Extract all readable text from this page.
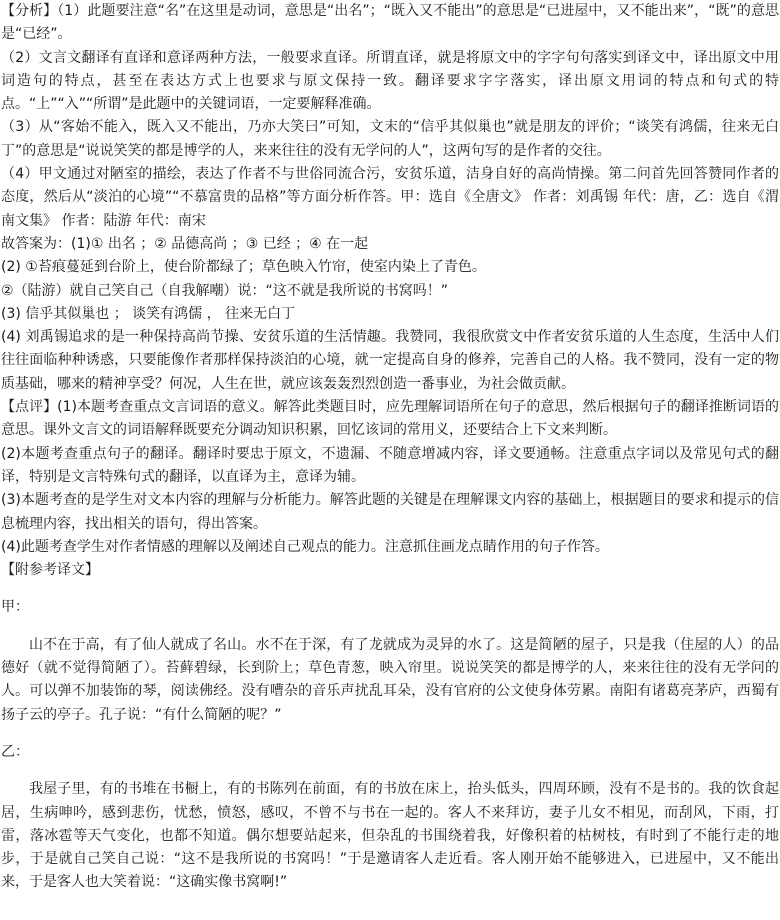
【分析】（1）此题要注意“名”在这里是动词，意思是“出名”；“既入又不能出”的意思是“已进屋中，又不能出来”，“既”的意思是“已经”。

（2）文言文翻译有直译和意译两种方法，一般要求直译。所谓直译，就是将原文中的字字句句落实到译文中，译出原文中用词造句的特点，甚至在表达方式上也要求与原文保持一致。翻译要求字字落实，译出原文用词的特点和句式的特点。“上”“入”“所谓”是此题中的关键词语，一定要解释准确。

（3）从“客始不能入，既入又不能出，乃亦大笑曰”可知，文末的“信乎其似巢也”就是朋友的评价；“谈笑有鸿儒，往来无白丁”的意思是“说说笑笑的都是博学的人，来来往往的没有无学问的人”，这两句写的是作者的交往。

（4）甲文通过对陋室的描绘，表达了作者不与世俗同流合污，安贫乐道，洁身自好的高尚情操。第二问首先回答赞同作者的态度，然后从“淡泊的心境”“不慕富贵的品格”等方面分析作答。甲：选自《全唐文》 作者：刘禹锡 年代：唐，乙：选自《渭南文集》 作者：陆游 年代：南宋

故答案为：(1)① 出名 ；② 品德高尚 ；③ 已经 ；④ 在一起

(2) ①苔痕蔓延到台阶上，使台阶都绿了；草色映入竹帘，使室内染上了青色。

②（陆游）就自己笑自己（自我解嘲）说：“这不就是我所说的书窝吗！”

(3) 信乎其似巢也 ； 谈笑有鸿儒 ， 往来无白丁

(4) 刘禹锡追求的是一种保持高尚节操、安贫乐道的生活情趣。我赞同，我很欣赏文中作者安贫乐道的人生态度，生活中人们往往面临种种诱惑，只要能像作者那样保持淡泊的心境，就一定提高自身的修养，完善自己的人格。我不赞同，没有一定的物质基础，哪来的精神享受？何况，人生在世，就应该轰轰烈烈创造一番事业，为社会做贡献。

【点评】(1)本题考查重点文言词语的意义。解答此类题目时，应先理解词语所在句子的意思，然后根据句子的翻译推断词语的意思。课外文言文的词语解释既要充分调动知识积累，回忆该词的常用义，还要结合上下文来判断。

(2)本题考查重点句子的翻译。翻译时要忠于原文，不遗漏、不随意增减内容，译文要通畅。注意重点字词以及常见句式的翻译，特别是文言特殊句式的翻译，以直译为主，意译为辅。

(3)本题考查的是学生对文本内容的理解与分析能力。解答此题的关键是在理解课文内容的基础上，根据题目的要求和提示的信息梳理内容，找出相关的语句，得出答案。

(4)此题考查学生对作者情感的理解以及阐述自己观点的能力。注意抓住画龙点睛作用的句子作答。

【附参考译文】

甲：

山不在于高，有了仙人就成了名山。水不在于深，有了龙就成为灵异的水了。这是简陋的屋子，只是我（住屋的人）的品德好（就不觉得简陋了）。苔藓碧绿，长到阶上；草色青葱，映入帘里。说说笑笑的都是博学的人，来来往往的没有无学问的人。可以弹不加装饰的琴，阅读佛经。没有嘈杂的音乐声扰乱耳朵，没有官府的公文使身体劳累。南阳有诸葛亮茅庐，西蜀有扬子云的亭子。孔子说：“有什么简陋的呢？”

乙：

我屋子里，有的书堆在书橱上，有的书陈列在前面，有的书放在床上，抬头低头，四周环顾，没有不是书的。我的饮食起居，生病呻吟，感到悲伤，忧愁，愤怒，感叹，不曾不与书在一起的。客人不来拜访，妻子儿女不相见，而刮风，下雨，打雷，落冰雹等天气变化，也都不知道。偶尔想要站起来，但杂乱的书围绕着我，好像积着的枯树枝，有时到了不能行走的地步，于是就自己笑自己说：“这不是我所说的书窝吗！”于是邀请客人走近看。客人刚开始不能够进入，已进屋中，又不能出来，于是客人也大笑着说：“这确实像书窝啊!”
